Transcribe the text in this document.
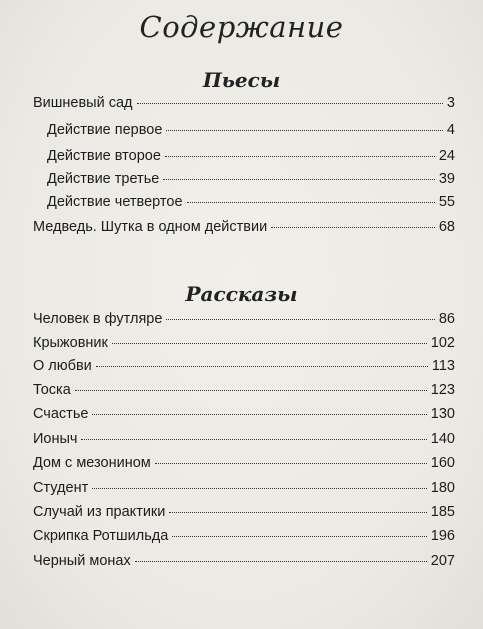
Содержание
Пьесы
Вишневый сад	3
Действие первое	4
Действие второе	24
Действие третье	39
Действие четвертое	55
Медведь. Шутка в одном действии	68
Рассказы
Человек в футляре	86
Крыжовник	102
О любви	113
Тоска	123
Счастье	130
Ионыч	140
Дом с мезонином	160
Студент	180
Случай из практики	185
Скрипка Ротшильда	196
Черный монах	207
